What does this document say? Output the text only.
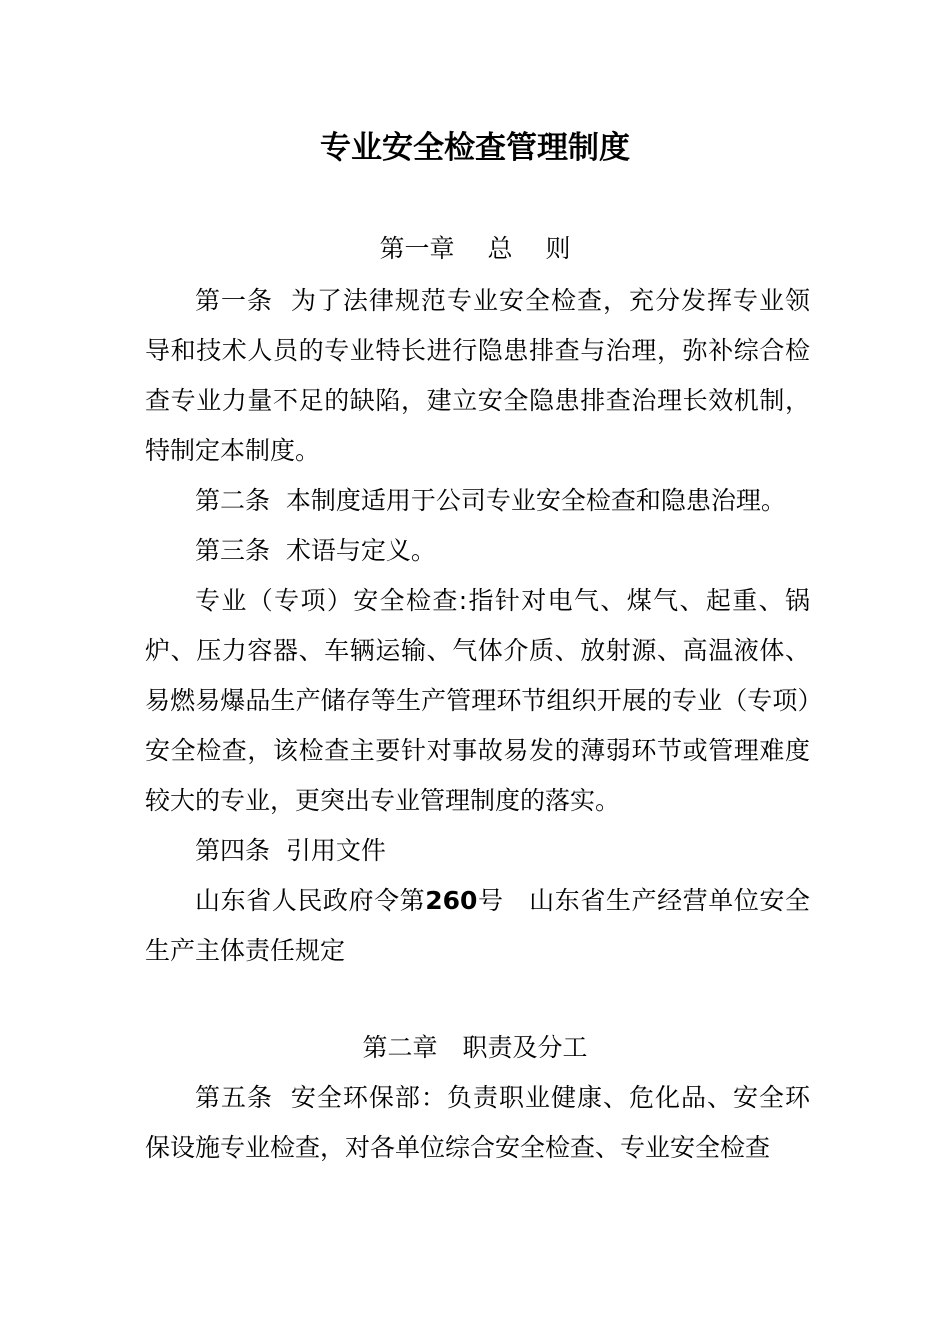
专业安全检查管理制度
第一章　 总　 则

第一条 为了法律规范专业安全检查，充分发挥专业领导和技术人员的专业特长进行隐患排查与治理，弥补综合检查专业力量不足的缺陷，建立安全隐患排查治理长效机制，特制定本制度。

第二条 本制度适用于公司专业安全检查和隐患治理。

第三条 术语与定义。

专业（专项）安全检查:指针对电气、煤气、起重、锅炉、压力容器、车辆运输、气体介质、放射源、高温液体、易燃易爆品生产储存等生产管理环节组织开展的专业（专项）安全检查，该检查主要针对事故易发的薄弱环节或管理难度较大的专业，更突出专业管理制度的落实。

第四条 引用文件

山东省人民政府令第260号　山东省生产经营单位安全生产主体责任规定

第二章　职责及分工

第五条 安全环保部：负责职业健康、危化品、安全环保设施专业检查，对各单位综合安全检查、专业安全检查
